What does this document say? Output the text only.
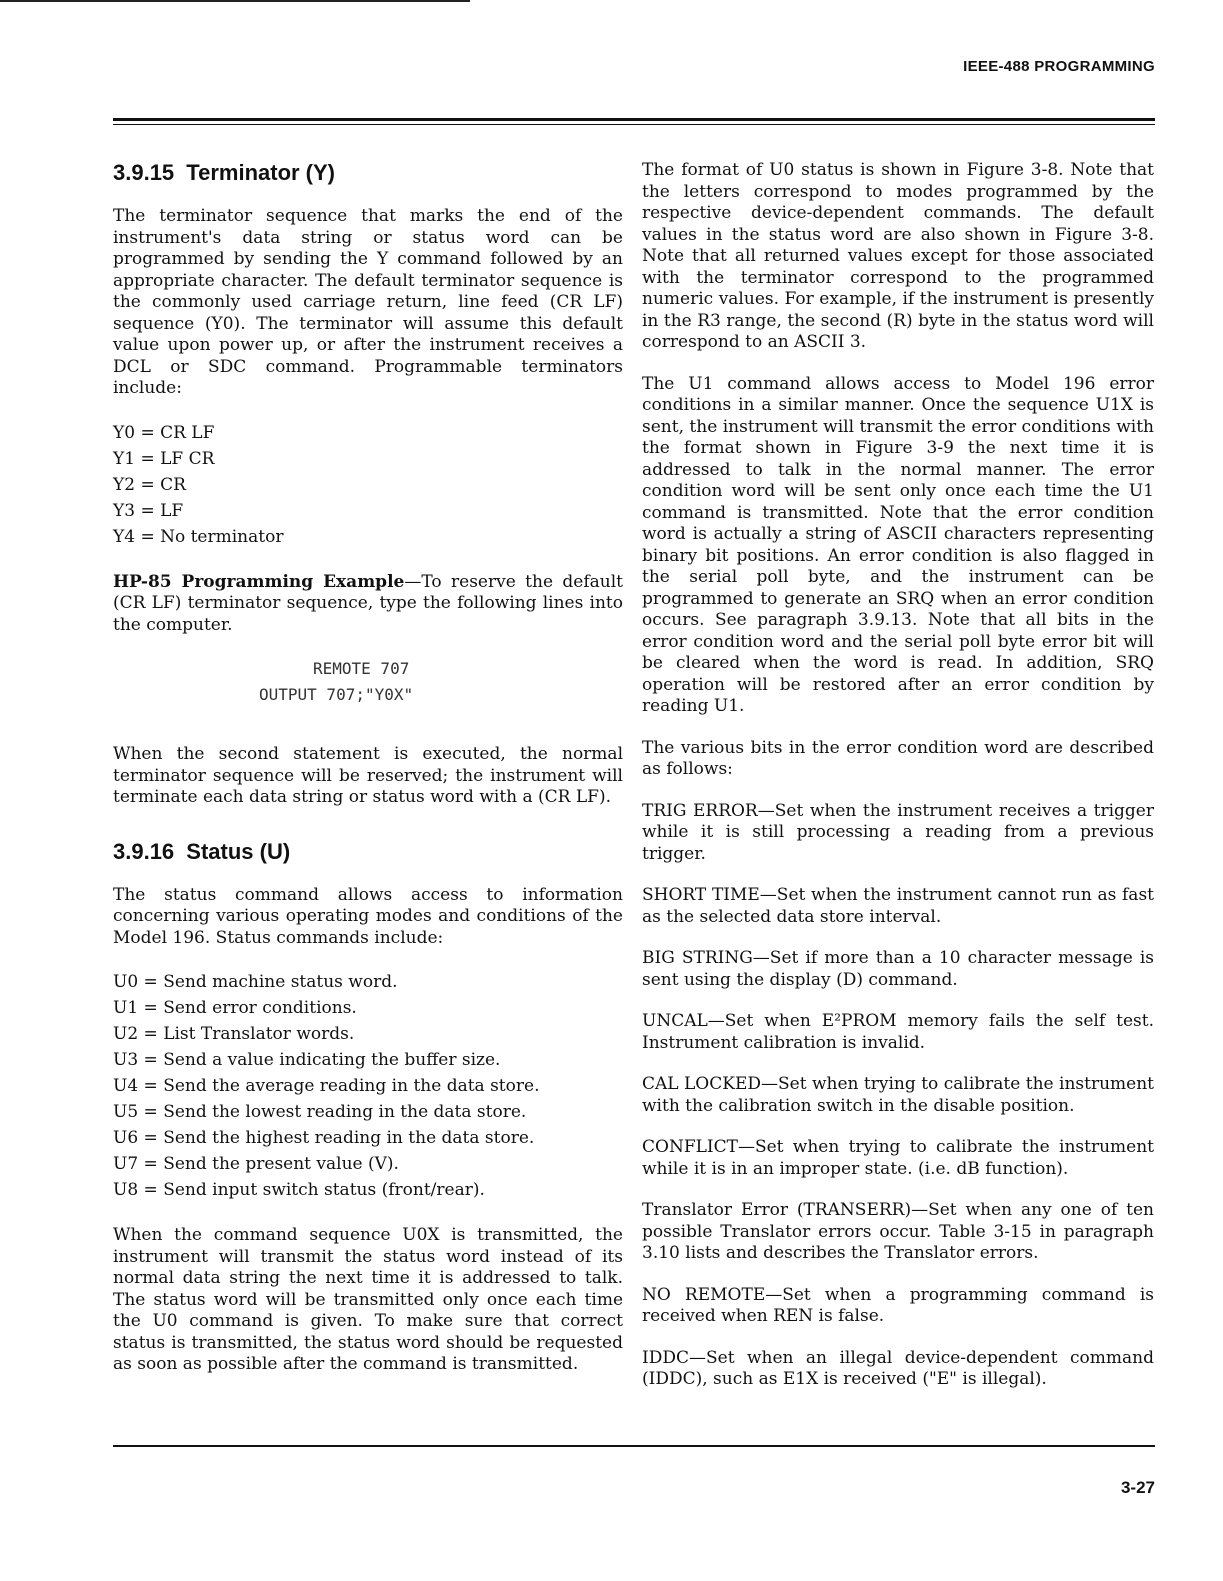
IEEE-488 PROGRAMMING
3.9.15 Terminator (Y)

The terminator sequence that marks the end of the instrument's data string or status word can be programmed by sending the Y command followed by an appropriate character. The default terminator sequence is the commonly used carriage return, line feed (CR LF) sequence (Y0). The terminator will assume this default value upon power up, or after the instrument receives a DCL or SDC command. Programmable terminators include:

Y0 = CR LF
Y1 = LF CR
Y2 = CR
Y3 = LF
Y4 = No terminator

HP-85 Programming Example—To reserve the default (CR LF) terminator sequence, type the following lines into the computer.

REMOTE 707
OUTPUT 707;"Y0X"

When the second statement is executed, the normal terminator sequence will be reserved; the instrument will terminate each data string or status word with a (CR LF).

3.9.16 Status (U)

The status command allows access to information concerning various operating modes and conditions of the Model 196. Status commands include:

U0 = Send machine status word.
U1 = Send error conditions.
U2 = List Translator words.
U3 = Send a value indicating the buffer size.
U4 = Send the average reading in the data store.
U5 = Send the lowest reading in the data store.
U6 = Send the highest reading in the data store.
U7 = Send the present value (V).
U8 = Send input switch status (front/rear).

When the command sequence U0X is transmitted, the instrument will transmit the status word instead of its normal data string the next time it is addressed to talk. The status word will be transmitted only once each time the U0 command is given. To make sure that correct status is transmitted, the status word should be requested as soon as possible after the command is transmitted.

The format of U0 status is shown in Figure 3-8. Note that the letters correspond to modes programmed by the respective device-dependent commands. The default values in the status word are also shown in Figure 3-8. Note that all returned values except for those associated with the terminator correspond to the programmed numeric values. For example, if the instrument is presently in the R3 range, the second (R) byte in the status word will correspond to an ASCII 3.

The U1 command allows access to Model 196 error conditions in a similar manner. Once the sequence U1X is sent, the instrument will transmit the error conditions with the format shown in Figure 3-9 the next time it is addressed to talk in the normal manner. The error condition word will be sent only once each time the U1 command is transmitted. Note that the error condition word is actually a string of ASCII characters representing binary bit positions. An error condition is also flagged in the serial poll byte, and the instrument can be programmed to generate an SRQ when an error condition occurs. See paragraph 3.9.13. Note that all bits in the error condition word and the serial poll byte error bit will be cleared when the word is read. In addition, SRQ operation will be restored after an error condition by reading U1.

The various bits in the error condition word are described as follows:

TRIG ERROR—Set when the instrument receives a trigger while it is still processing a reading from a previous trigger.

SHORT TIME—Set when the instrument cannot run as fast as the selected data store interval.

BIG STRING—Set if more than a 10 character message is sent using the display (D) command.

UNCAL—Set when E²PROM memory fails the self test. Instrument calibration is invalid.

CAL LOCKED—Set when trying to calibrate the instrument with the calibration switch in the disable position.

CONFLICT—Set when trying to calibrate the instrument while it is in an improper state. (i.e. dB function).

Translator Error (TRANSERR)—Set when any one of ten possible Translator errors occur. Table 3-15 in paragraph 3.10 lists and describes the Translator errors.

NO REMOTE—Set when a programming command is received when REN is false.

IDDC—Set when an illegal device-dependent command (IDDC), such as E1X is received ("E" is illegal).

3-27
